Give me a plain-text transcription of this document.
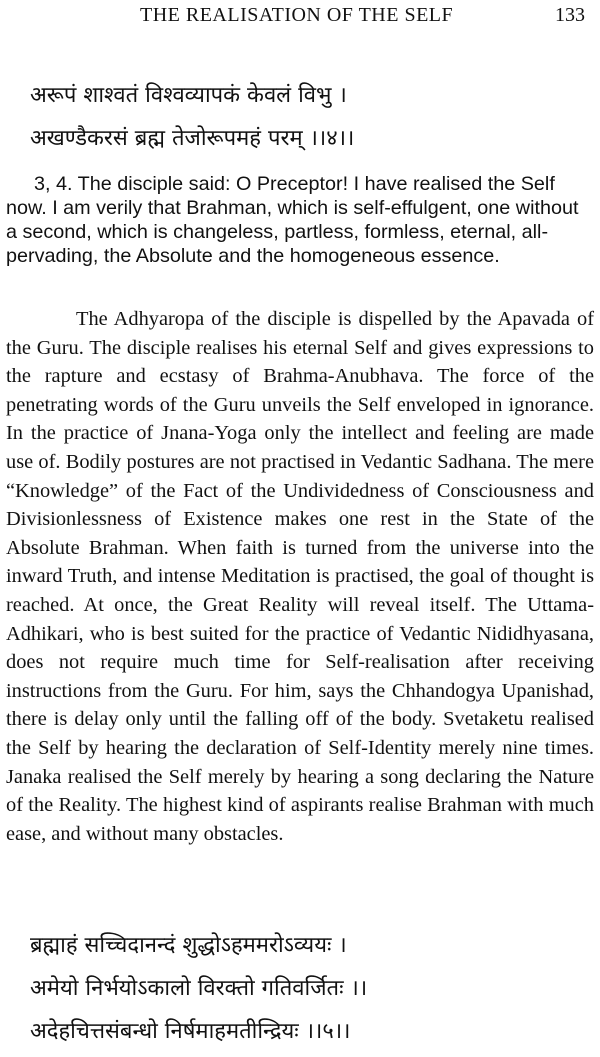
THE REALISATION OF THE SELF	133
अरूपं शाश्वतं विश्वव्यापकं केवलं विभु ।
अखण्डैकरसं ब्रह्म तेजोरूपमहं परम् ।।४।।

3, 4. The disciple said: O Preceptor! I have realised the Self now. I am verily that Brahman, which is self-effulgent, one without a second, which is changeless, partless, formless, eternal, all-pervading, the Absolute and the homogeneous essence.

The Adhyaropa of the disciple is dispelled by the Apavada of the Guru. The disciple realises his eternal Self and gives expressions to the rapture and ecstasy of Brahma-Anubhava. The force of the penetrating words of the Guru unveils the Self enveloped in ignorance. In the practice of Jnana-Yoga only the intellect and feeling are made use of. Bodily postures are not practised in Vedantic Sadhana. The mere “Knowledge” of the Fact of the Undividedness of Consciousness and Divisionlessness of Existence makes one rest in the State of the Absolute Brahman. When faith is turned from the universe into the inward Truth, and intense Meditation is practised, the goal of thought is reached. At once, the Great Reality will reveal itself. The Uttama-Adhikari, who is best suited for the practice of Vedantic Nididhyasana, does not require much time for Self-realisation after receiving instructions from the Guru. For him, says the Chhandogya Upanishad, there is delay only until the falling off of the body. Svetaketu realised the Self by hearing the declaration of Self-Identity merely nine times. Janaka realised the Self merely by hearing a song declaring the Nature of the Reality. The highest kind of aspirants realise Brahman with much ease, and without many obstacles.

ब्रह्माहं सच्चिदानन्दं शुद्धोऽहममरोऽव्ययः ।
अमेयो निर्भयोऽकालो विरक्तो गतिवर्जितः ।।
अदेहचित्तसंबन्धो निर्षमाहमतीन्द्रियः ।।५।।
